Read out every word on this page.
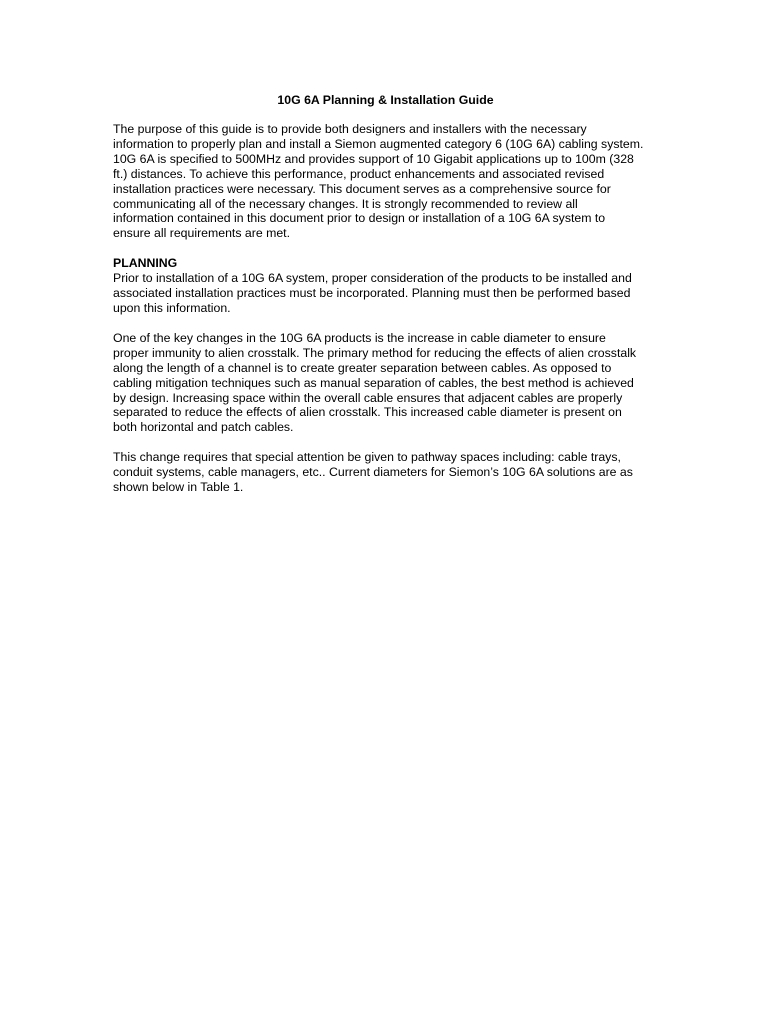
10G 6A Planning & Installation Guide
The purpose of this guide is to provide both designers and installers with the necessary
information to properly plan and install a Siemon augmented category 6 (10G 6A) cabling system.
10G 6A is specified to 500MHz and provides support of 10 Gigabit applications up to 100m (328
ft.) distances. To achieve this performance, product enhancements and associated revised
installation practices were necessary. This document serves as a comprehensive source for
communicating all of the necessary changes. It is strongly recommended to review all
information contained in this document prior to design or installation of a 10G 6A system to
ensure all requirements are met.
PLANNING
Prior to installation of a 10G 6A system, proper consideration of the products to be installed and
associated installation practices must be incorporated. Planning must then be performed based
upon this information.
One of the key changes in the 10G 6A products is the increase in cable diameter to ensure
proper immunity to alien crosstalk. The primary method for reducing the effects of alien crosstalk
along the length of a channel is to create greater separation between cables. As opposed to
cabling mitigation techniques such as manual separation of cables, the best method is achieved
by design. Increasing space within the overall cable ensures that adjacent cables are properly
separated to reduce the effects of alien crosstalk. This increased cable diameter is present on
both horizontal and patch cables.
This change requires that special attention be given to pathway spaces including: cable trays,
conduit systems, cable managers, etc.. Current diameters for Siemon’s 10G 6A solutions are as
shown below in Table 1.
